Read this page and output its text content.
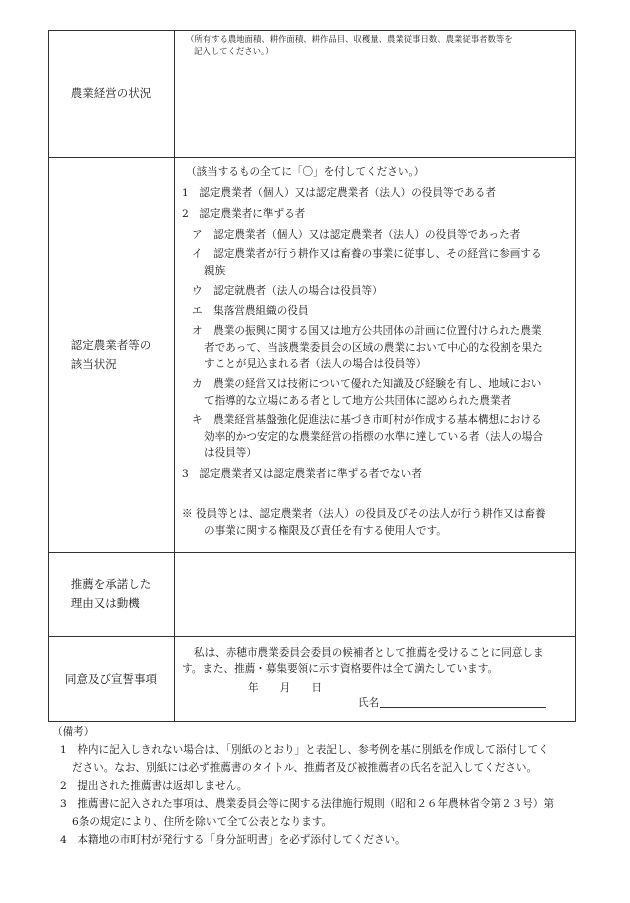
農業経営の状況
（所有する農地面積、耕作面積、耕作品目、収穫量、農業従事日数、農業従事者数等を
記入してください。）
認定農業者等の
該当状況
（該当するもの全てに「〇」を付してください。）
1　認定農業者（個人）又は認定農業者（法人）の役員等である者
2　認定農業者に準ずる者
ア　認定農業者（個人）又は認定農業者（法人）の役員等であった者
イ　認定農業者が行う耕作又は畜養の事業に従事し、その経営に参画する
親族
ウ　認定就農者（法人の場合は役員等）
エ　集落営農組織の役員
オ　農業の振興に関する国又は地方公共団体の計画に位置付けられた農業
者であって、当該農業委員会の区域の農業において中心的な役割を果た
すことが見込まれる者（法人の場合は役員等）
カ　農業の経営又は技術について優れた知識及び経験を有し、地域におい
て指導的な立場にある者として地方公共団体に認められた農業者
キ　農業経営基盤強化促進法に基づき市町村が作成する基本構想における
効率的かつ安定的な農業経営の指標の水準に達している者（法人の場合
は役員等）
3　認定農業者又は認定農業者に準ずる者でない者
※ 役員等とは、認定農業者（法人）の役員及びその法人が行う耕作又は畜養
の事業に関する権限及び責任を有する使用人です。
推薦を承諾した
理由又は動機
同意及び宣誓事項
私は、赤穂市農業委員会委員の候補者として推薦を受けることに同意しま
す。また、推薦・募集要領に示す資格要件は全て満たしています。
年　　月　　日
氏名
（備考）
1　枠内に記入しきれない場合は、「別紙のとおり」と表記し、参考例を基に別紙を作成して添付してく
ださい。なお、別紙には必ず推薦書のタイトル、推薦者及び被推薦者の氏名を記入してください。
2　提出された推薦書は返却しません。
3　推薦書に記入された事項は、農業委員会等に関する法律施行規則（昭和２６年農林省令第２３号）第
6条の規定により、住所を除いて全て公表となります。
4　本籍地の市町村が発行する「身分証明書」を必ず添付してください。
